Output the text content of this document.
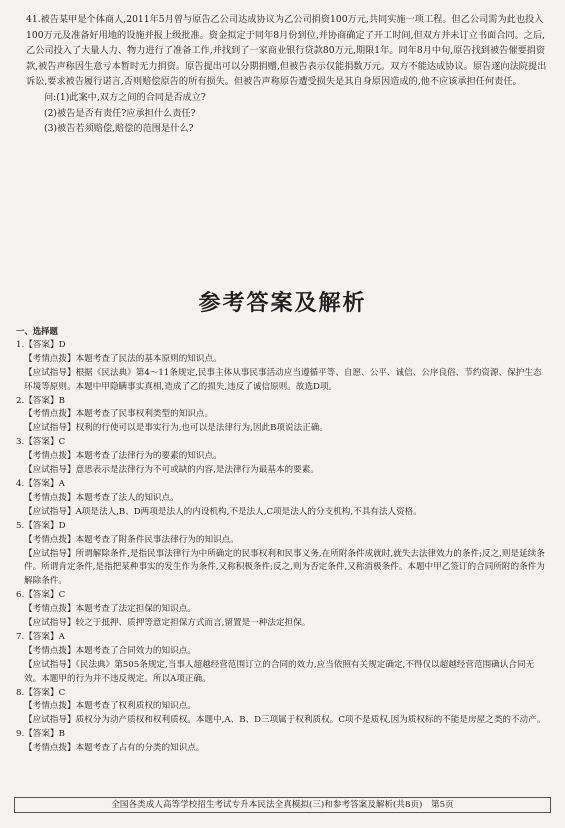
41.被告某甲是个体商人,2011年5月曾与原告乙公司达成协议为乙公司捐资100万元,共同实施一项工程。但乙公司需为此也投入100万元及准备好用地的设施并报上级批准。资金拟定于同年8月份到位,并协商确定了开工时间,但双方并未订立书面合同。之后,乙公司投入了大量人力、物力进行了准备工作,并找到了一家商业银行贷款80万元,期限1年。同年8月中旬,原告找到被告催要捐资款,被告声称因生意亏本暂时无力捐资。原告提出可以分期捐赠,但被告表示仅能捐数万元。双方不能达成协议。原告遂向法院提出诉讼,要求被告履行诺言,否则赔偿原告的所有损失。但被告声称原告遭受损失是其自身原因造成的,他不应该承担任何责任。

问:(1)此案中,双方之间的合同是否成立?

(2)被告是否有责任?应承担什么责任?

(3)被告若须赔偿,赔偿的范围是什么?

参考答案及解析
一、选择题

1.【答案】D

【考情点拨】本题考查了民法的基本原则的知识点。

【应试指导】根据《民法典》第4～11条规定,民事主体从事民事活动应当遵循平等、自愿、公平、诚信、公序良俗、节约资源、保护生态环境等原则。本题中甲隐瞒事实真相,造成了乙的损失,违反了诚信原则。故选D项。

2.【答案】B

【考情点拨】本题考查了民事权利类型的知识点。

【应试指导】权利的行使可以是事实行为,也可以是法律行为,因此B项说法正确。

3.【答案】C

【考情点拨】本题考查了法律行为的要素的知识点。

【应试指导】意思表示是法律行为不可或缺的内容,是法律行为最基本的要素。

4.【答案】A

【考情点拨】本题考查了法人的知识点。

【应试指导】A项是法人,B、D两项是法人的内设机构,不是法人,C项是法人的分支机构,不具有法人资格。

5.【答案】D

【考情点拨】本题考查了附条件民事法律行为的知识点。

【应试指导】所谓解除条件,是指民事法律行为中所确定的民事权利和民事义务,在所附条件成就时,就失去法律效力的条件;反之,则是延续条件。所谓肯定条件,是指把某种事实的发生作为条件,又称积极条件;反之,则为否定条件,又称消极条件。本题中甲乙签订的合同所附的条件为解除条件。

6.【答案】C

【考情点拨】本题考查了法定担保的知识点。

【应试指导】较之于抵押、质押等意定担保方式而言,留置是一种法定担保。

7.【答案】A

【考情点拨】本题考查了合同效力的知识点。

【应试指导】《民法典》第505条规定,当事人超越经营范围订立的合同的效力,应当依照有关规定确定,不得仅以超越经营范围确认合同无效。本题甲的行为并不违反规定。所以A项正确。

8.【答案】C

【考情点拨】本题考查了权利质权的知识点。

【应试指导】质权分为动产质权和权利质权。本题中,A、B、D三项属于权利质权。C项不是质权,因为质权标的不能是房屋之类的不动产。

9.【答案】B

【考情点拨】本题考查了占有的分类的知识点。

全国各类成人高等学校招生考试专升本民法全真模拟(三)和参考答案及解析(共8页)　第5页
